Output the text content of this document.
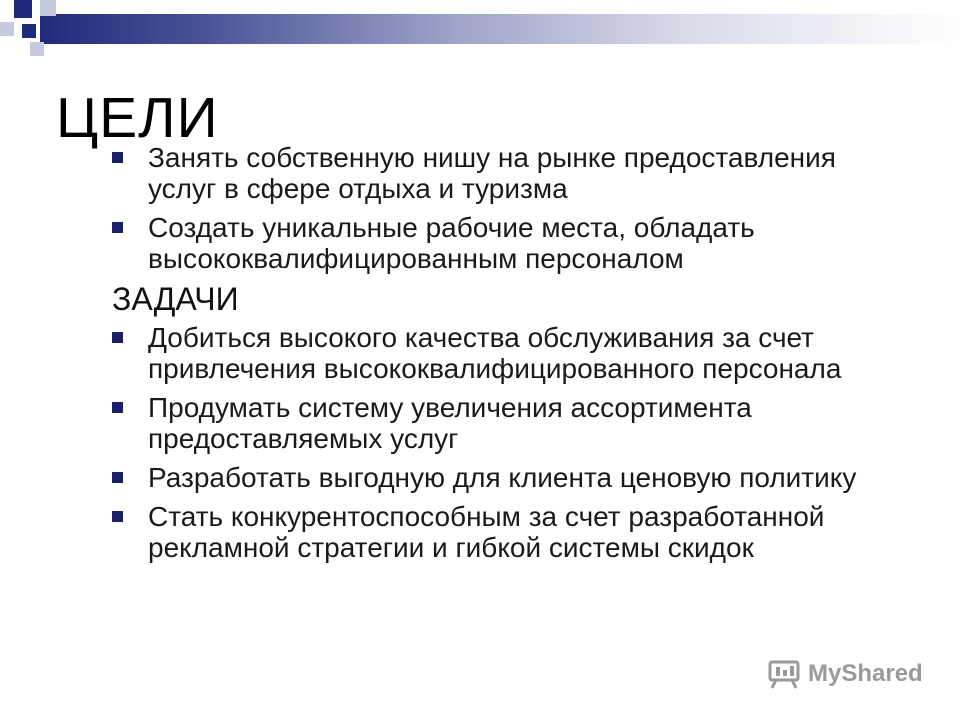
ЦЕЛИ
Занять собственную нишу на рынке предоставления услуг в сфере отдыха и туризма
Создать уникальные рабочие места, обладать высококвалифицированным персоналом
ЗАДАЧИ
Добиться высокого качества обслуживания за счет привлечения высококвалифицированного персонала
Продумать систему увеличения ассортимента предоставляемых услуг
Разработать выгодную для клиента ценовую политику
Стать конкурентоспособным за счет разработанной рекламной стратегии и гибкой системы скидок
MyShared
